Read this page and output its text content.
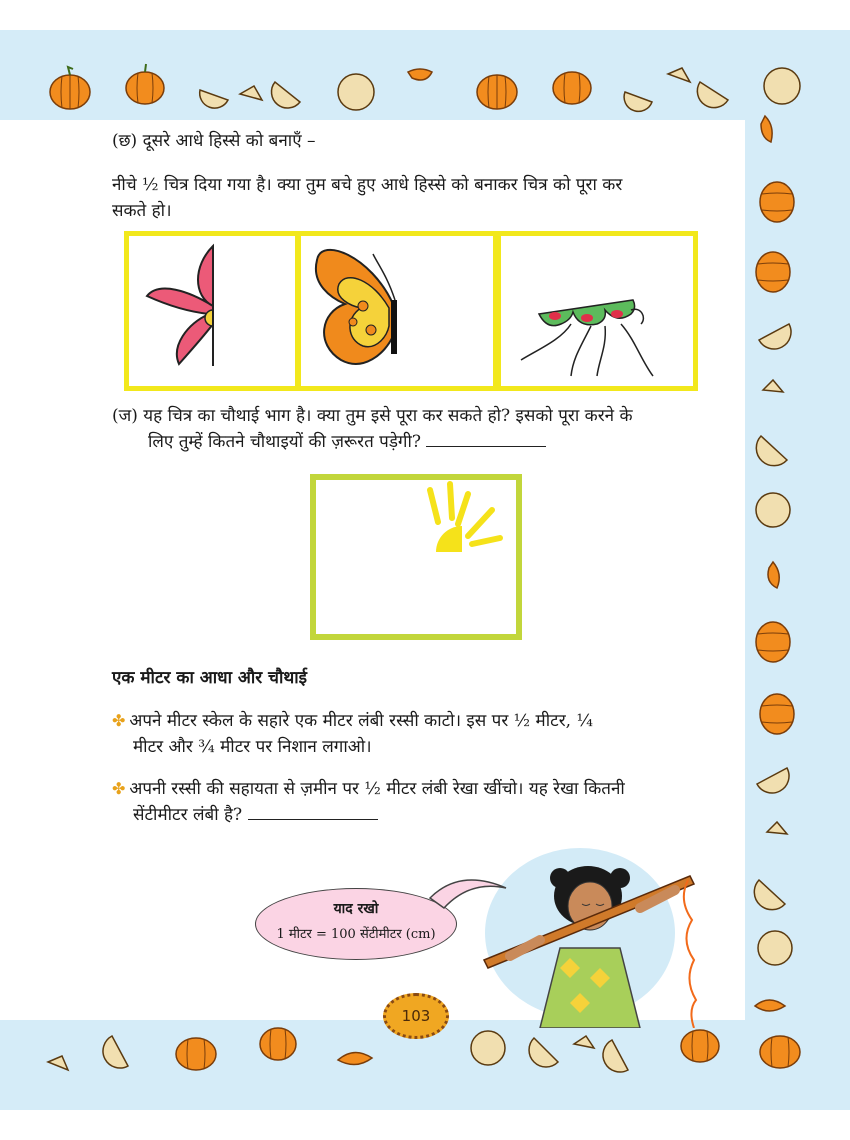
(छ) दूसरे आधे हिस्से को बनाएँ –
नीचे ½ चित्र दिया गया है। क्या तुम बचे हुए आधे हिस्से को बनाकर चित्र को पूरा कर
सकते हो।
(ज) यह चित्र का चौथाई भाग है। क्या तुम इसे पूरा कर सकते हो? इसको पूरा करने के
लिए तुम्हें कितने चौथाइयों की ज़रूरत पड़ेगी?
एक मीटर का आधा और चौथाई
✤ अपने मीटर स्केल के सहारे एक मीटर लंबी रस्सी काटो। इस पर ½ मीटर, ¼
मीटर और ¾ मीटर पर निशान लगाओ।
✤ अपनी रस्सी की सहायता से ज़मीन पर ½ मीटर लंबी रेखा खींचो। यह रेखा कितनी
सेंटीमीटर लंबी है?
याद रखो
1 मीटर = 100 सेंटीमीटर (cm)
103
